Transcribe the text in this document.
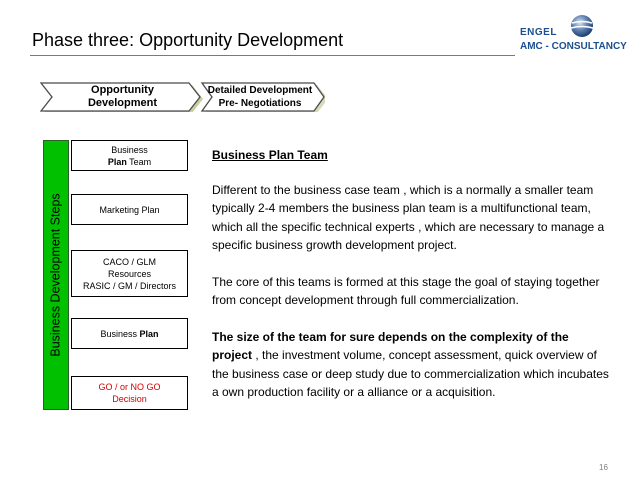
Phase three: Opportunity Development	ENGEL
AMC - CONSULTANCY
Opportunity
Development
Detailed Development
Pre- Negotiations
Business Development Steps
Business
Plan Team
Marketing Plan
CACO / GLM
Resources
RASIC / GM / Directors
Business Plan
GO / or NO GO
Decision
Business Plan Team

Different to the business case team , which is a normally a smaller team typically 2-4 members the business plan team is a multifunctional team, which all the specific technical experts , which are necessary to manage a specific business growth development project.

The core of this teams is formed at this stage the goal of staying together from concept development through full commercialization.

The size of the team for sure depends on the complexity of the project , the investment volume, concept assessment, quick overview of the business case or deep study due to commercialization which incubates a own production facility or a alliance or a acquisition.

16
